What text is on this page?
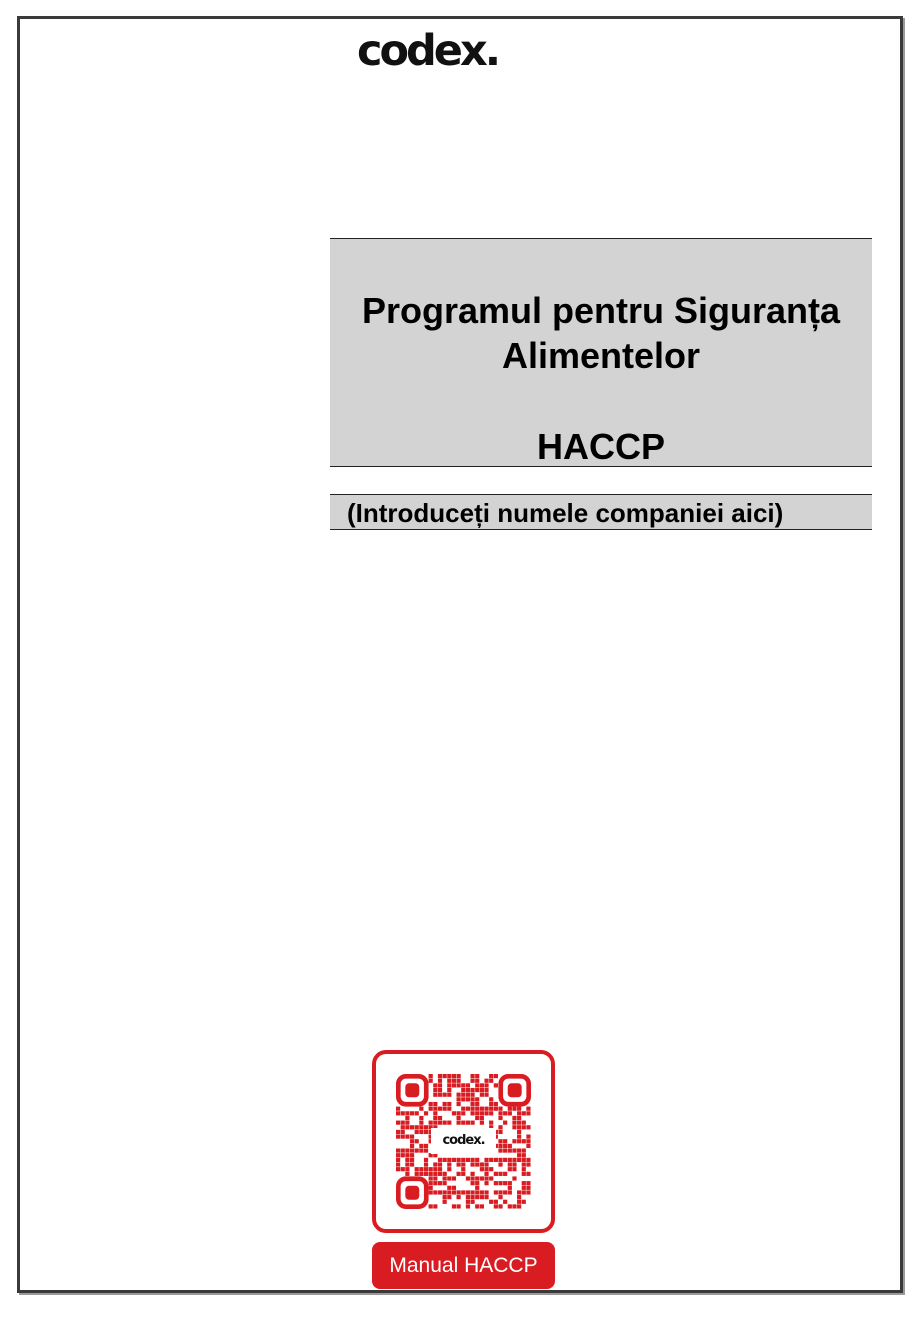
codex.
Programul pentru Siguranța
Alimentelor
HACCP
(Introduceți numele companiei aici)
codex.
Manual HACCP
